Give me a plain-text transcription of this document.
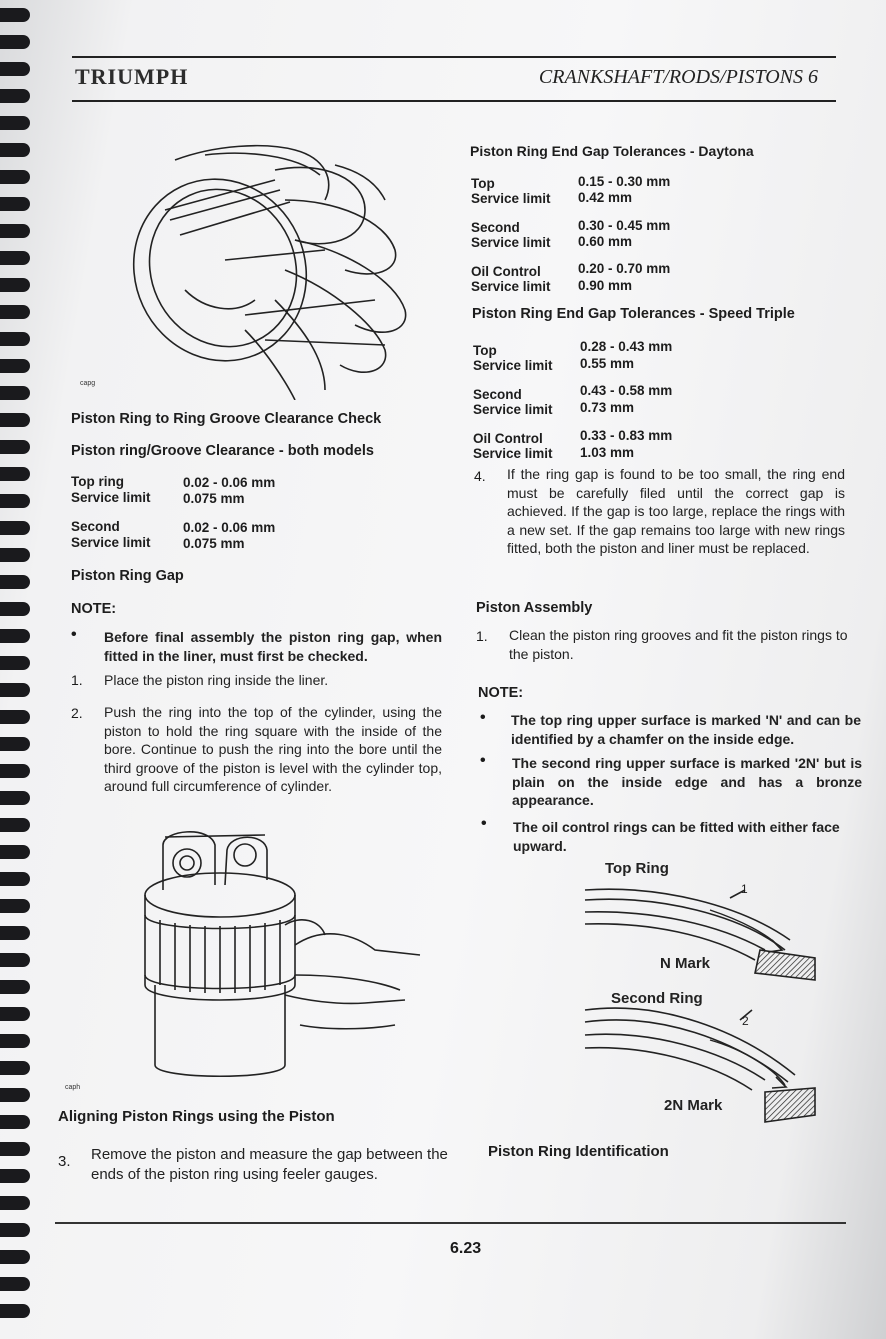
TRIUMPH	CRANKSHAFT/RODS/PISTONS 6
capg
Piston Ring to Ring Groove Clearance Check
Piston ring/Groove Clearance - both models
Top ring
Service limit
0.02 - 0.06 mm
0.075 mm
Second
Service limit
0.02 - 0.06 mm
0.075 mm
Piston Ring Gap
NOTE:
• Before final assembly the piston ring gap, when fitted in the liner, must first be checked.
1. Place the piston ring inside the liner.
2. Push the ring into the top of the cylinder, using the piston to hold the ring square with the inside of the bore. Continue to push the ring into the bore until the third groove of the piston is level with the cylinder top, around full circumference of cylinder.
caph
Aligning Piston Rings using the Piston
3. Remove the piston and measure the gap between the ends of the piston ring using feeler gauges.
Piston Ring End Gap Tolerances - Daytona
Top
Service limit
0.15 - 0.30 mm
0.42 mm
Second
Service limit
0.30 - 0.45 mm
0.60 mm
Oil Control
Service limit
0.20 - 0.70 mm
0.90 mm
Piston Ring End Gap Tolerances - Speed Triple
Top
Service limit
0.28 - 0.43 mm
0.55 mm
Second
Service limit
0.43 - 0.58 mm
0.73 mm
Oil Control
Service limit
0.33 - 0.83 mm
1.03 mm
4. If the ring gap is found to be too small, the ring end must be carefully filed until the correct gap is achieved. If the gap is too large, replace the rings with a new set. If the gap remains too large with new rings fitted, both the piston and liner must be replaced.
Piston Assembly
1. Clean the piston ring grooves and fit the piston rings to the piston.
NOTE:
• The top ring upper surface is marked 'N' and can be identified by a chamfer on the inside edge.
• The second ring upper surface is marked '2N' but is plain on the inside edge and has a bronze appearance.
• The oil control rings can be fitted with either face upward.
Top Ring
1
N Mark
Second Ring
2
2N Mark
Piston Ring Identification
6.23
